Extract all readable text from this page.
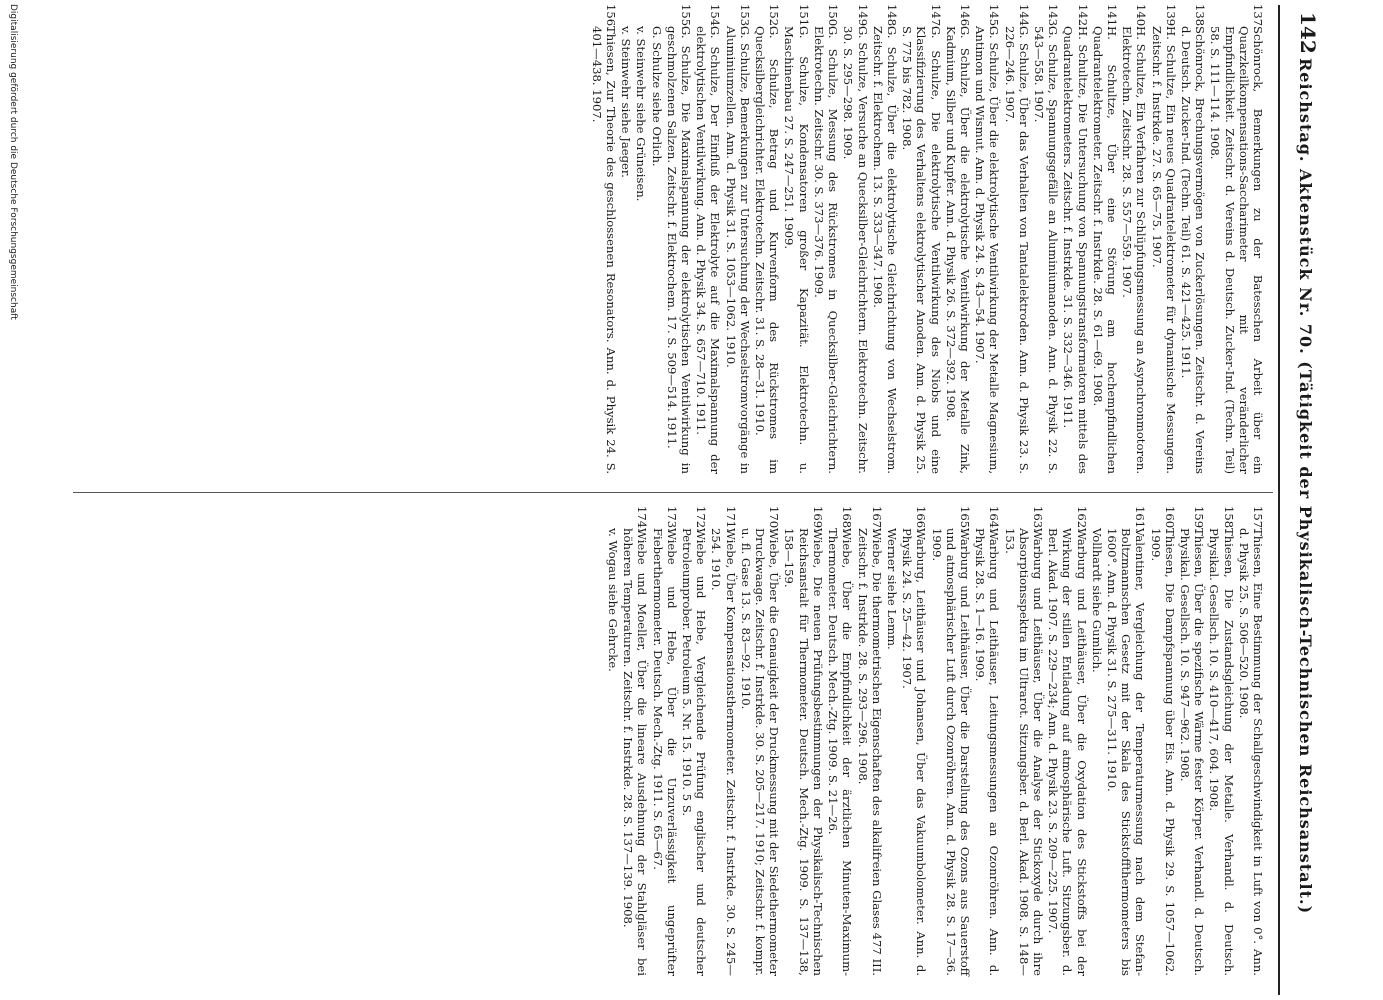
142
Reichstag. Aktenstück Nr. 70. (Tätigkeit der Physikalisch-Technischen Reichsanstalt.)
137.
Schönrock, Bemerkungen zu der Batesschen Arbeit über ein Quarzkeilkompensations-Saccharimeter mit veränderlicher Empfindlichkeit. Zeitschr. d. Vereins d. Deutsch. Zucker-Ind. (Techn. Teil) 58. S. 111—114. 1908.
138.
Schönrock, Brechungsvermögen von Zuckerlösungen. Zeitschr. d. Vereins d. Deutsch. Zucker-Ind. (Techn. Teil) 61. S. 421—425. 1911.
139.
H. Schultze, Ein neues Quadrantelektrometer für dynamische Messungen. Zeitschr. f. Instrkde. 27. S. 65—75. 1907.
140.
H. Schultze, Ein Verfahren zur Schlüpfungsmessung an Asynchronmotoren. Elektrotechn. Zeitschr. 28. S. 557—559. 1907.
141.
H. Schultze, Über eine Störung am hochempfindlichen Quadrantelektrometer. Zeitschr. f. Instrkde. 28. S. 61—69. 1908.
142.
H. Schultze, Die Untersuchung von Spannungstransformatoren mittels des Quadrantelektrometers. Zeitschr. f. Instrkde. 31. S. 332—346. 1911.
143.
G. Schulze, Spannungsgefälle an Aluminiumanoden. Ann. d. Physik 22. S. 543—558. 1907.
144.
G. Schulze, Über das Verhalten von Tantalelektroden. Ann. d. Physik 23. S. 226—246. 1907.
145.
G. Schulze, Über die elektrolytische Ventilwirkung der Metalle Magnesium, Antimon und Wismut. Ann. d. Physik 24. S. 43—54. 1907.
146.
G. Schulze, Über die elektrolytische Ventilwirkung der Metalle Zink, Kadmium, Silber und Kupfer. Ann. d. Physik 26. S. 372—392. 1908.
147.
G. Schulze, Die elektrolytische Ventilwirkung des Niobs und eine Klassifizierung des Verhaltens elektrolytischer Anoden. Ann. d. Physik 25. S. 775 bis 782. 1908.
148.
G. Schulze, Über die elektrolytische Gleichrichtung von Wechselstrom. Zeitschr. f. Elektrochem. 13. S. 333—347. 1908.
149.
G. Schulze, Versuche an Quecksilber-Gleichrichtern. Elektrotechn. Zeitschr. 30. S. 295—298. 1909.
150.
G. Schulze, Messung des Rückstromes in Quecksilber-Gleichrichtern. Elektrotechn. Zeitschr. 30. S. 373—376. 1909.
151.
G. Schulze, Kondensatoren großer Kapazität. Elektrotechn. u. Maschinenbau 27. S. 247—251. 1909.
152.
G. Schulze, Betrag und Kurvenform des Rückstromes im Quecksilbergleichrichter. Elektrotechn. Zeitschr. 31. S. 28—31. 1910.
153.
G. Schulze, Bemerkungen zur Untersuchung der Wechselstromvorgänge in Aluminiumzellen. Ann. d. Physik 31. S. 1053—1062. 1910.
154.
G. Schulze, Der Einfluß der Elektrolyte auf die Maximalspannung der elektrolytischen Ventilwirkung. Ann. d. Physik 34. S. 657—710. 1911.
155.
G. Schulze, Die Maximalspannung der elektrolytischen Ventilwirkung in geschmolzenen Salzen. Zeitschr. f. Elektrochem. 17. S. 509—514. 1911.
G. Schulze siehe Orlich.
v. Steinwehr siehe Grüneisen.
v. Steinwehr siehe Jaeger.
156.
Thiesen, Zur Theorie des geschlossenen Resonators. Ann. d. Physik 24. S. 401—438. 1907.
157.
Thiesen, Eine Bestimmung der Schallgeschwindigkeit in Luft von 0°. Ann. d. Physik 25. S. 506—520. 1908.
158.
Thiesen, Die Zustandsgleichung der Metalle. Verhandl. d. Deutsch. Physikal. Gesellsch. 10. S. 410—417, 604. 1908.
159.
Thiesen, Über die spezifische Wärme fester Körper. Verhandl. d. Deutsch. Physikal. Gesellsch. 10. S. 947—962. 1908.
160.
Thiesen, Die Dampfspannung über Eis. Ann. d. Physik 29. S. 1057—1062. 1909.
161.
Valentiner, Vergleichung der Temperaturmessung nach dem Stefan-Boltzmannschen Gesetz mit der Skala des Stickstoffthermometers bis 1600°. Ann. d. Physik 31. S. 275—311. 1910.
Vollhardt siehe Gumlich.
162.
Warburg und Leithäuser, Über die Oxydation des Stickstoffs bei der Wirkung der stillen Entladung auf atmosphärische Luft. Sitzungsber. d. Berl. Akad. 1907. S. 229—234; Ann. d. Physik 23. S. 209—225. 1907.
163.
Warburg und Leithäuser, Über die Analyse der Stickoxyde durch ihre Absorptionsspektra im Ultrarot. Sitzungsber. d. Berl. Akad. 1908. S. 148—153.
164.
Warburg und Leithäuser, Leitungsmessungen an Ozonröhren. Ann. d. Physik 28. S. 1—16. 1909.
165.
Warburg und Leithäuser, Über die Darstellung des Ozons aus Sauerstoff und atmosphärischer Luft durch Ozonröhren. Ann. d. Physik 28. S. 17—36. 1909.
166.
Warburg, Leithäuser und Johansen, Über das Vakuumbolometer. Ann. d. Physik 24. S. 25—42. 1907.
Werner siehe Lemm.
167.
Wiebe, Die thermometrischen Eigenschaften des alkalifreien Glases 477 III. Zeitschr. f. Instrkde. 28. S. 293—296. 1908.
168.
Wiebe, Über die Empfindlichkeit der ärztlichen Minuten-Maximum-Thermometer. Deutsch. Mech.-Ztg. 1909. S. 21—26.
169.
Wiebe, Die neuen Prüfungsbestimmungen der Physikalisch-Technischen Reichsanstalt für Thermometer. Deutsch. Mech.-Ztg. 1909. S. 137—138, 158—159.
170.
Wiebe, Über die Genauigkeit der Druckmessung mit der Siedethermometer Druckwaage. Zeitschr. f. Instrkde. 30. S. 205—217. 1910; Zeitschr. f. kompr. u. fl. Gase 13. S. 83—92. 1910.
171.
Wiebe, Über Kompensationsthermometer. Zeitschr. f. Instrkde. 30. S. 245—254. 1910.
172.
Wiebe und Hebe, Vergleichende Prüfung englischer und deutscher Petroleumprober. Petroleum 5. Nr. 15. 1910. 5 S.
173.
Wiebe und Hebe, Über die Unzuverlässigkeit ungeprüfter Fieberthermometer. Deutsch. Mech.-Ztg. 1911. S. 65—67.
174.
Wiebe und Moeller, Über die lineare Ausdehnung der Stahlgläser bei höheren Temperaturen. Zeitschr. f. Instrkde. 28. S. 137—139. 1908.
v. Wogau siehe Gehrcke.
Digitalisierung gefördert durch die Deutsche Forschungsgemeinschaft
